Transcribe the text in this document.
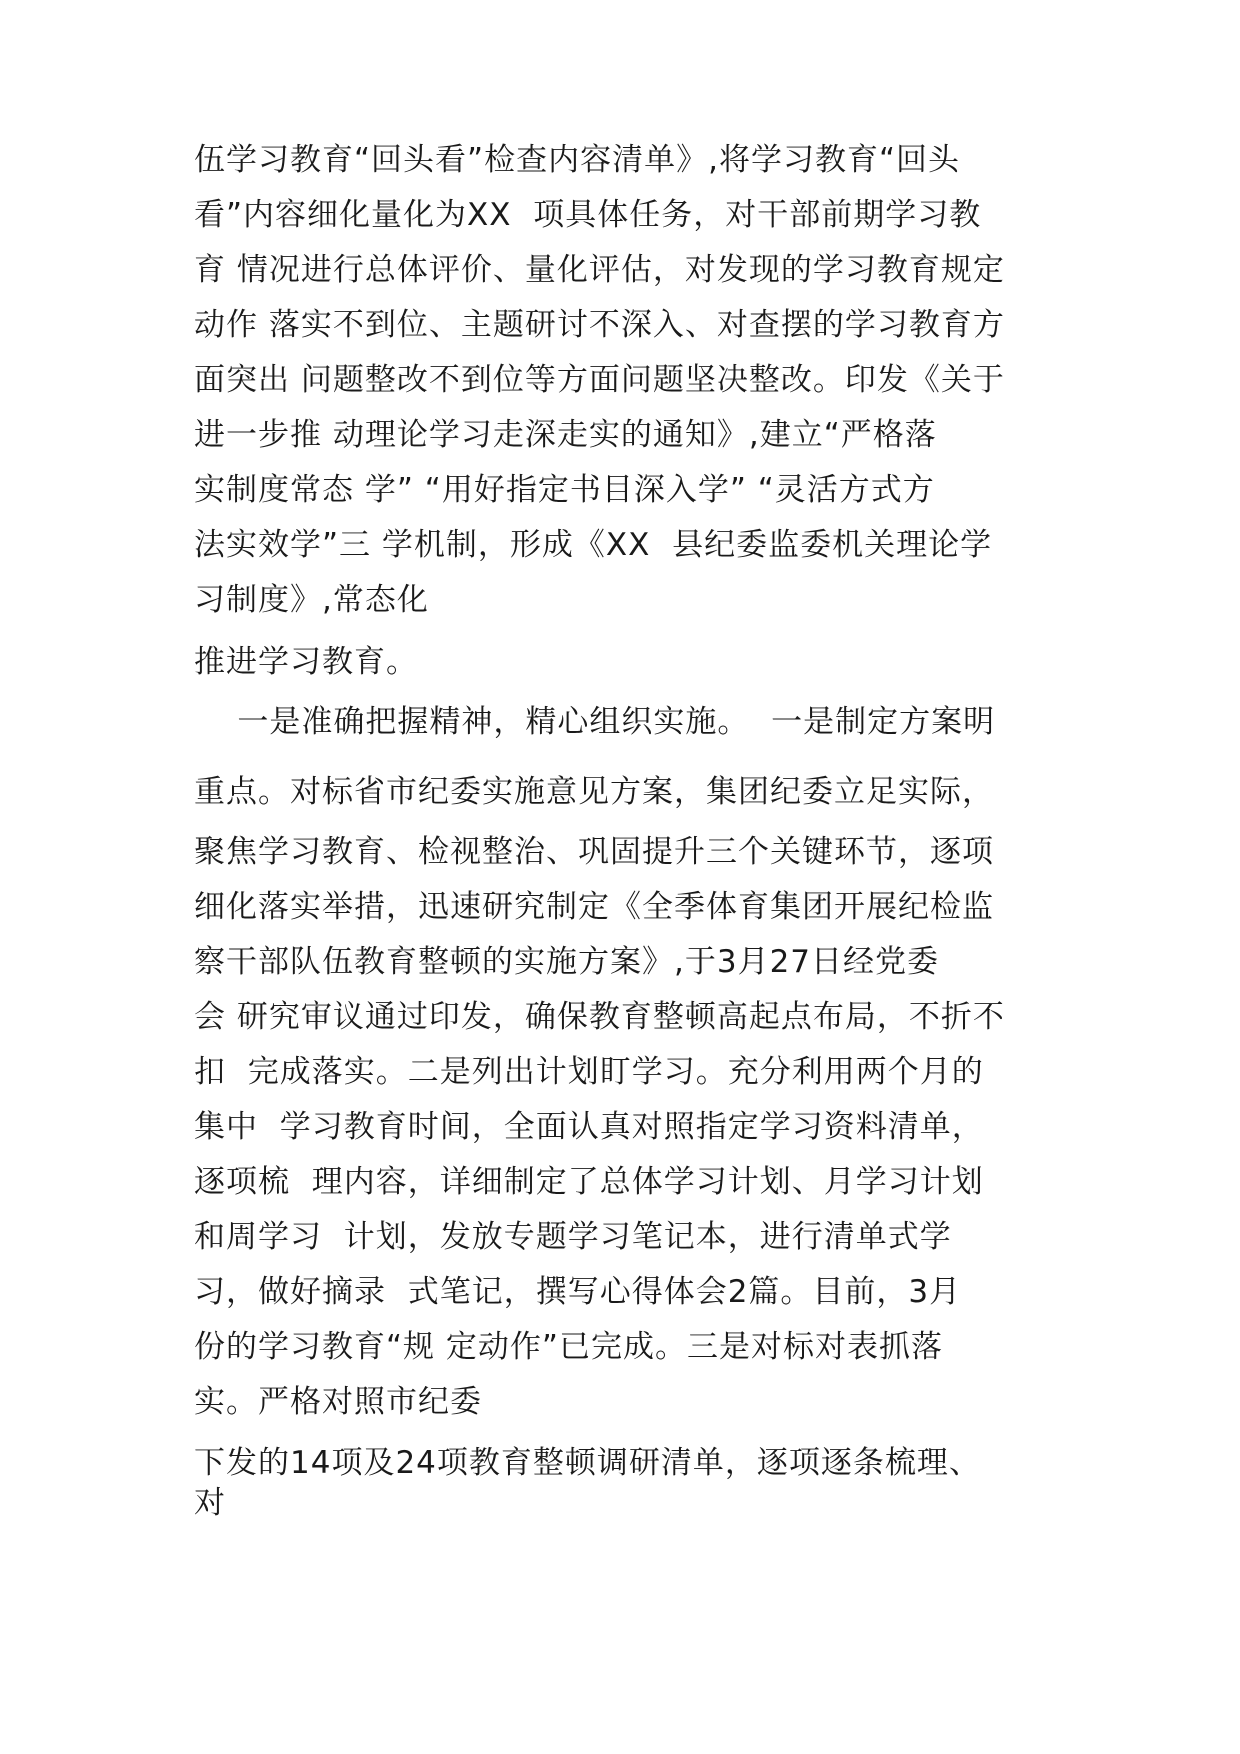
伍学习教育“回头看”检查内容清单》,将学习教育“回头
看”内容细化量化为XX  项具体任务，对干部前期学习教
育 情况进行总体评价、量化评估，对发现的学习教育规定
动作 落实不到位、主题研讨不深入、对查摆的学习教育方
面突出 问题整改不到位等方面问题坚决整改。印发《关于
进一步推 动理论学习走深走实的通知》,建立“严格落
实制度常态 学” “用好指定书目深入学” “灵活方式方
法实效学”三 学机制，形成《XX  县纪委监委机关理论学
习制度》,常态化
推进学习教育。
一是准确把握精神，精心组织实施。  一是制定方案明
重点。对标省市纪委实施意见方案，集团纪委立足实际，
聚焦学习教育、检视整治、巩固提升三个关键环节，逐项
细化落实举措，迅速研究制定《全季体育集团开展纪检监
察干部队伍教育整顿的实施方案》,于3月27日经党委
会 研究审议通过印发，确保教育整顿高起点布局，不折不
扣  完成落实。二是列出计划盯学习。充分利用两个月的
集中  学习教育时间，全面认真对照指定学习资料清单，
逐项梳  理内容，详细制定了总体学习计划、月学习计划
和周学习  计划，发放专题学习笔记本，进行清单式学
习，做好摘录  式笔记，撰写心得体会2篇。目前，3月
份的学习教育“规 定动作”已完成。三是对标对表抓落
实。严格对照市纪委
下发的14项及24项教育整顿调研清单，逐项逐条梳理、
对
